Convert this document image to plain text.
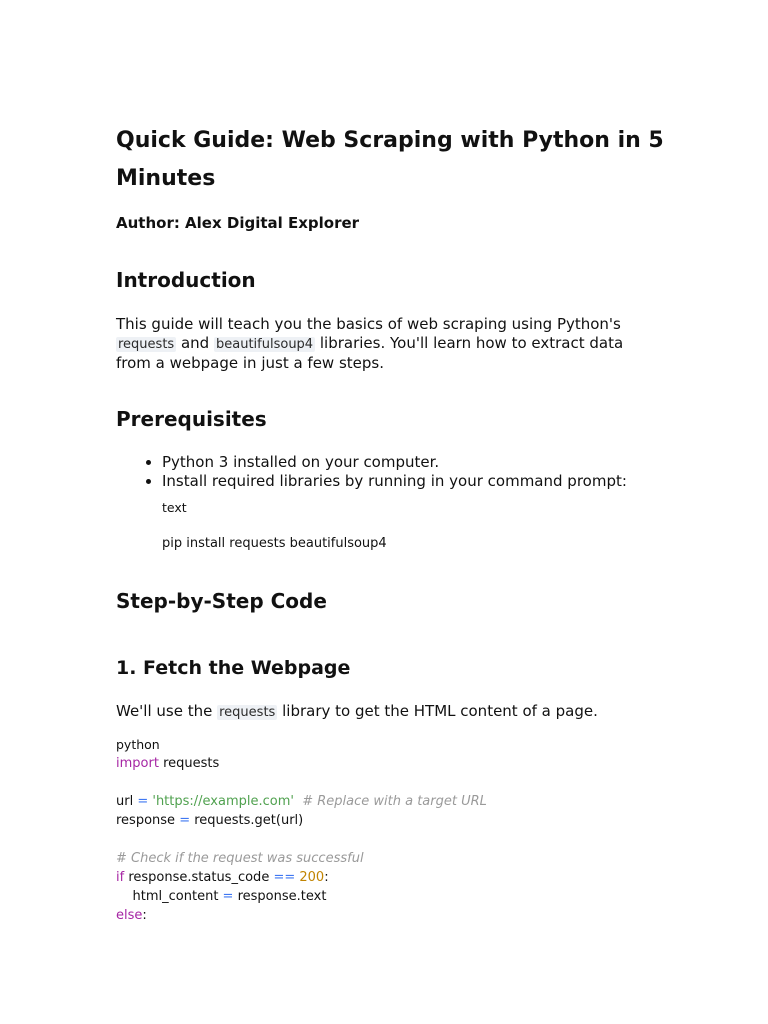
Quick Guide: Web Scraping with Python in 5 Minutes

Author: Alex Digital Explorer

Introduction

This guide will teach you the basics of web scraping using Python's requests and beautifulsoup4 libraries. You'll learn how to extract data from a webpage in just a few steps.

Prerequisites
• Python 3 installed on your computer.
• Install required libraries by running in your command prompt:

text

pip install requests beautifulsoup4

Step-by-Step Code
1. Fetch the Webpage

We'll use the requests library to get the HTML content of a page.

python

import requests

url = 'https://example.com'  # Replace with a target URL

response = requests.get(url)

# Check if the request was successful

if response.status_code == 200:

html_content = response.text

else:
